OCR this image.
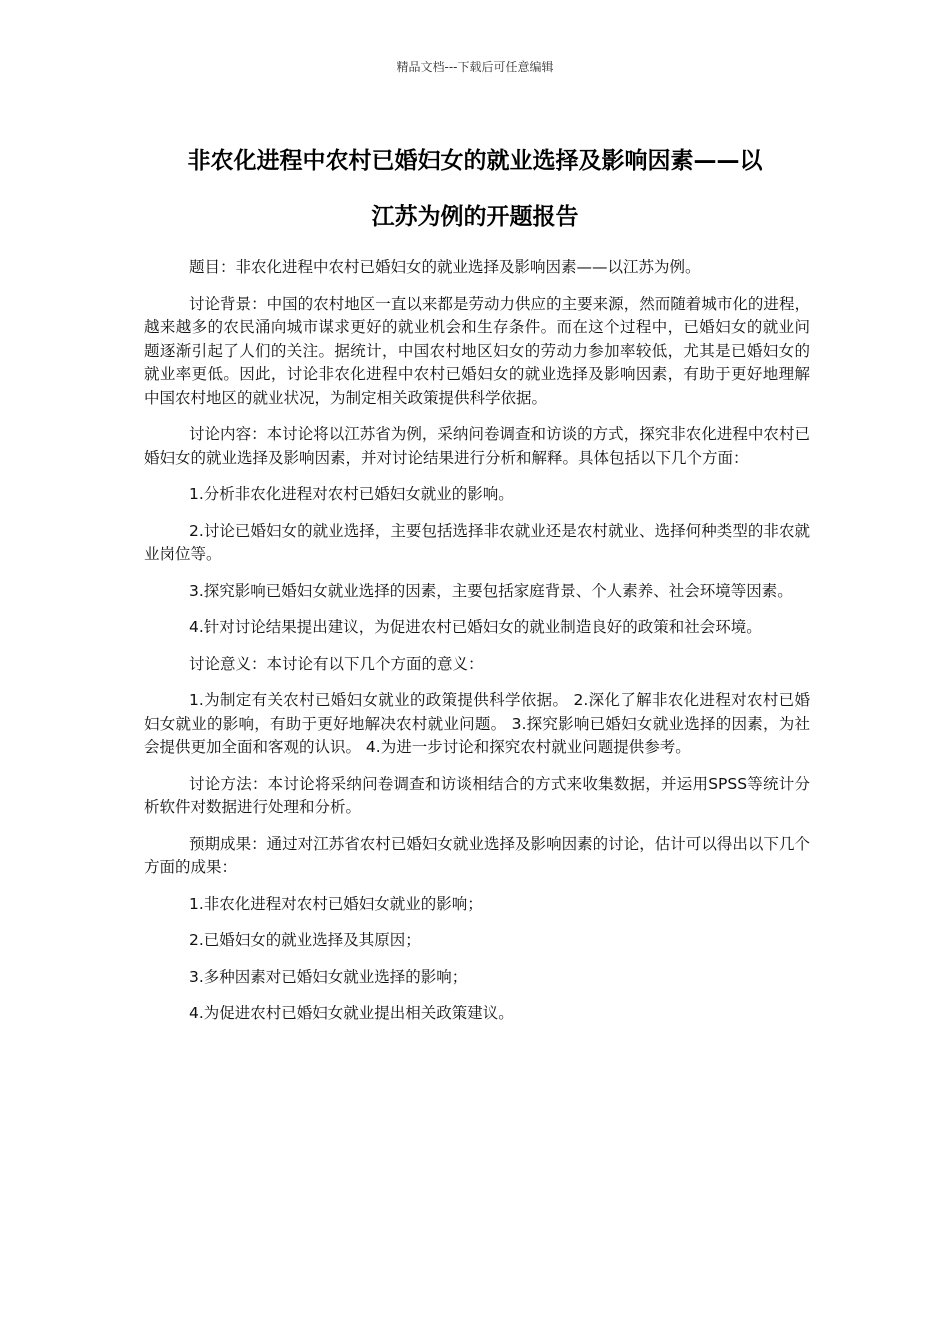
精品文档---下载后可任意编辑
非农化进程中农村已婚妇女的就业选择及影响因素——以
江苏为例的开题报告

题目：非农化进程中农村已婚妇女的就业选择及影响因素——以江苏为例。

讨论背景：中国的农村地区一直以来都是劳动力供应的主要来源，然而随着城市化的进程，越来越多的农民涌向城市谋求更好的就业机会和生存条件。而在这个过程中，已婚妇女的就业问题逐渐引起了人们的关注。据统计，中国农村地区妇女的劳动力参加率较低，尤其是已婚妇女的就业率更低。因此，讨论非农化进程中农村已婚妇女的就业选择及影响因素，有助于更好地理解中国农村地区的就业状况，为制定相关政策提供科学依据。

讨论内容：本讨论将以江苏省为例，采纳问卷调查和访谈的方式，探究非农化进程中农村已婚妇女的就业选择及影响因素，并对讨论结果进行分析和解释。具体包括以下几个方面：

1.分析非农化进程对农村已婚妇女就业的影响。

2.讨论已婚妇女的就业选择，主要包括选择非农就业还是农村就业、选择何种类型的非农就业岗位等。

3.探究影响已婚妇女就业选择的因素，主要包括家庭背景、个人素养、社会环境等因素。

4.针对讨论结果提出建议，为促进农村已婚妇女的就业制造良好的政策和社会环境。

讨论意义：本讨论有以下几个方面的意义：

1.为制定有关农村已婚妇女就业的政策提供科学依据。 2.深化了解非农化进程对农村已婚妇女就业的影响，有助于更好地解决农村就业问题。 3.探究影响已婚妇女就业选择的因素，为社会提供更加全面和客观的认识。 4.为进一步讨论和探究农村就业问题提供参考。

讨论方法：本讨论将采纳问卷调查和访谈相结合的方式来收集数据，并运用SPSS等统计分析软件对数据进行处理和分析。

预期成果：通过对江苏省农村已婚妇女就业选择及影响因素的讨论，估计可以得出以下几个方面的成果：

1.非农化进程对农村已婚妇女就业的影响；

2.已婚妇女的就业选择及其原因；

3.多种因素对已婚妇女就业选择的影响；

4.为促进农村已婚妇女就业提出相关政策建议。
